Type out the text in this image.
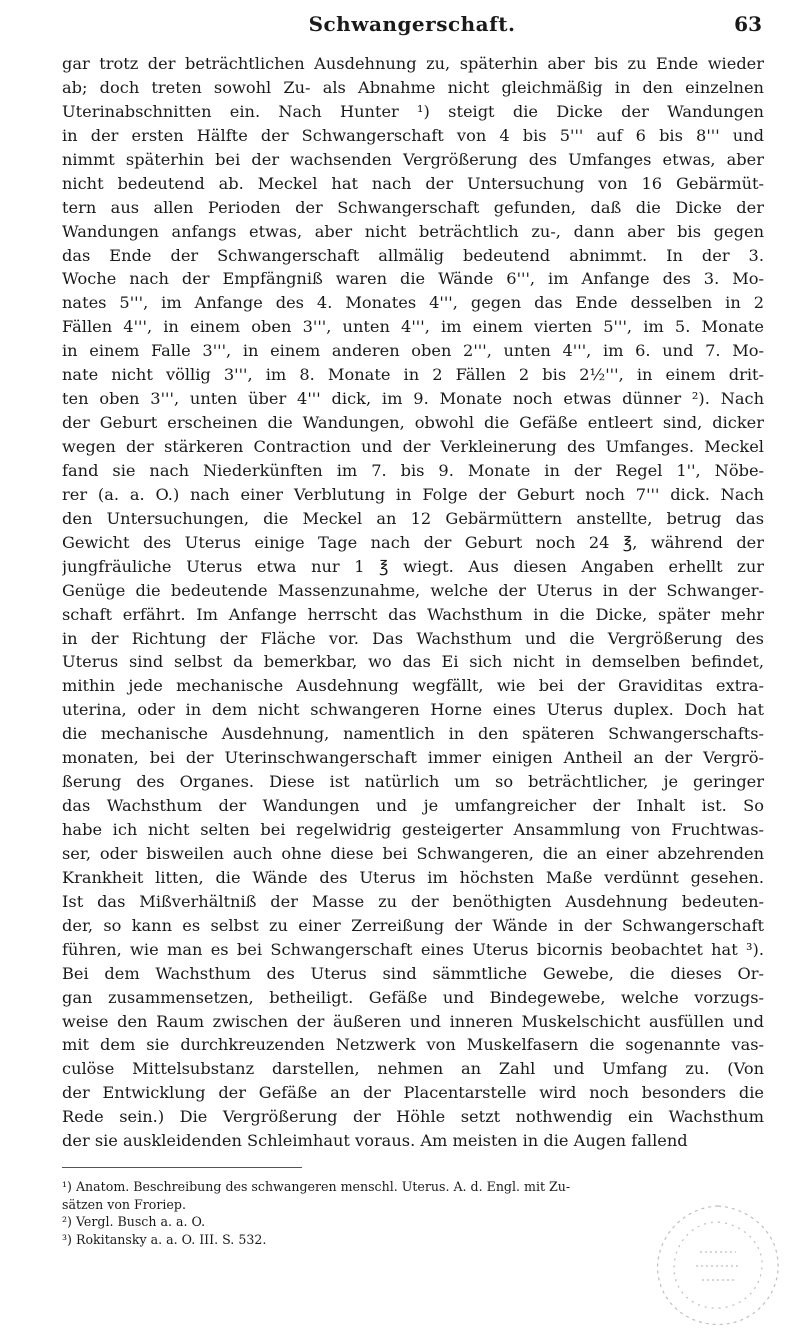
Schwangerschaft.	63
gar trotz der beträchtlichen Ausdehnung zu, späterhin aber bis zu Ende wieder
ab; doch treten sowohl Zu- als Abnahme nicht gleichmäßig in den einzelnen
Uterinabschnitten ein. Nach Hunter ¹) steigt die Dicke der Wandungen
in der ersten Hälfte der Schwangerschaft von 4 bis 5''' auf 6 bis 8''' und
nimmt späterhin bei der wachsenden Vergrößerung des Umfanges etwas, aber
nicht bedeutend ab. Meckel hat nach der Untersuchung von 16 Gebärmüt-
tern aus allen Perioden der Schwangerschaft gefunden, daß die Dicke der
Wandungen anfangs etwas, aber nicht beträchtlich zu-, dann aber bis gegen
das Ende der Schwangerschaft allmälig bedeutend abnimmt. In der 3.
Woche nach der Empfängniß waren die Wände 6''', im Anfange des 3. Mo-
nates 5''', im Anfange des 4. Monates 4''', gegen das Ende desselben in 2
Fällen 4''', in einem oben 3''', unten 4''', im einem vierten 5''', im 5. Monate
in einem Falle 3''', in einem anderen oben 2''', unten 4''', im 6. und 7. Mo-
nate nicht völlig 3''', im 8. Monate in 2 Fällen 2 bis 2½''', in einem drit-
ten oben 3''', unten über 4''' dick, im 9. Monate noch etwas dünner ²). Nach
der Geburt erscheinen die Wandungen, obwohl die Gefäße entleert sind, dicker
wegen der stärkeren Contraction und der Verkleinerung des Umfanges. Meckel
fand sie nach Niederkünften im 7. bis 9. Monate in der Regel 1'', Nöbe-
rer (a. a. O.) nach einer Verblutung in Folge der Geburt noch 7''' dick. Nach
den Untersuchungen, die Meckel an 12 Gebärmüttern anstellte, betrug das
Gewicht des Uterus einige Tage nach der Geburt noch 24 ℥, während der
jungfräuliche Uterus etwa nur 1 ℥ wiegt. Aus diesen Angaben erhellt zur
Genüge die bedeutende Massenzunahme, welche der Uterus in der Schwanger-
schaft erfährt. Im Anfange herrscht das Wachsthum in die Dicke, später mehr
in der Richtung der Fläche vor. Das Wachsthum und die Vergrößerung des
Uterus sind selbst da bemerkbar, wo das Ei sich nicht in demselben befindet,
mithin jede mechanische Ausdehnung wegfällt, wie bei der Graviditas extra-
uterina, oder in dem nicht schwangeren Horne eines Uterus duplex. Doch hat
die mechanische Ausdehnung, namentlich in den späteren Schwangerschafts-
monaten, bei der Uterinschwangerschaft immer einigen Antheil an der Vergrö-
ßerung des Organes. Diese ist natürlich um so beträchtlicher, je geringer
das Wachsthum der Wandungen und je umfangreicher der Inhalt ist. So
habe ich nicht selten bei regelwidrig gesteigerter Ansammlung von Fruchtwas-
ser, oder bisweilen auch ohne diese bei Schwangeren, die an einer abzehrenden
Krankheit litten, die Wände des Uterus im höchsten Maße verdünnt gesehen.
Ist das Mißverhältniß der Masse zu der benöthigten Ausdehnung bedeuten-
der, so kann es selbst zu einer Zerreißung der Wände in der Schwangerschaft
führen, wie man es bei Schwangerschaft eines Uterus bicornis beobachtet hat ³).
Bei dem Wachsthum des Uterus sind sämmtliche Gewebe, die dieses Or-
gan zusammensetzen, betheiligt. Gefäße und Bindegewebe, welche vorzugs-
weise den Raum zwischen der äußeren und inneren Muskelschicht ausfüllen und
mit dem sie durchkreuzenden Netzwerk von Muskelfasern die sogenannte vas-
culöse Mittelsubstanz darstellen, nehmen an Zahl und Umfang zu. (Von
der Entwicklung der Gefäße an der Placentarstelle wird noch besonders die
Rede sein.) Die Vergrößerung der Höhle setzt nothwendig ein Wachsthum
der sie auskleidenden Schleimhaut voraus. Am meisten in die Augen fallend
¹) Anatom. Beschreibung des schwangeren menschl. Uterus. A. d. Engl. mit Zu-
sätzen von Froriep.
²) Vergl. Busch a. a. O.
³) Rokitansky a. a. O. III. S. 532.
